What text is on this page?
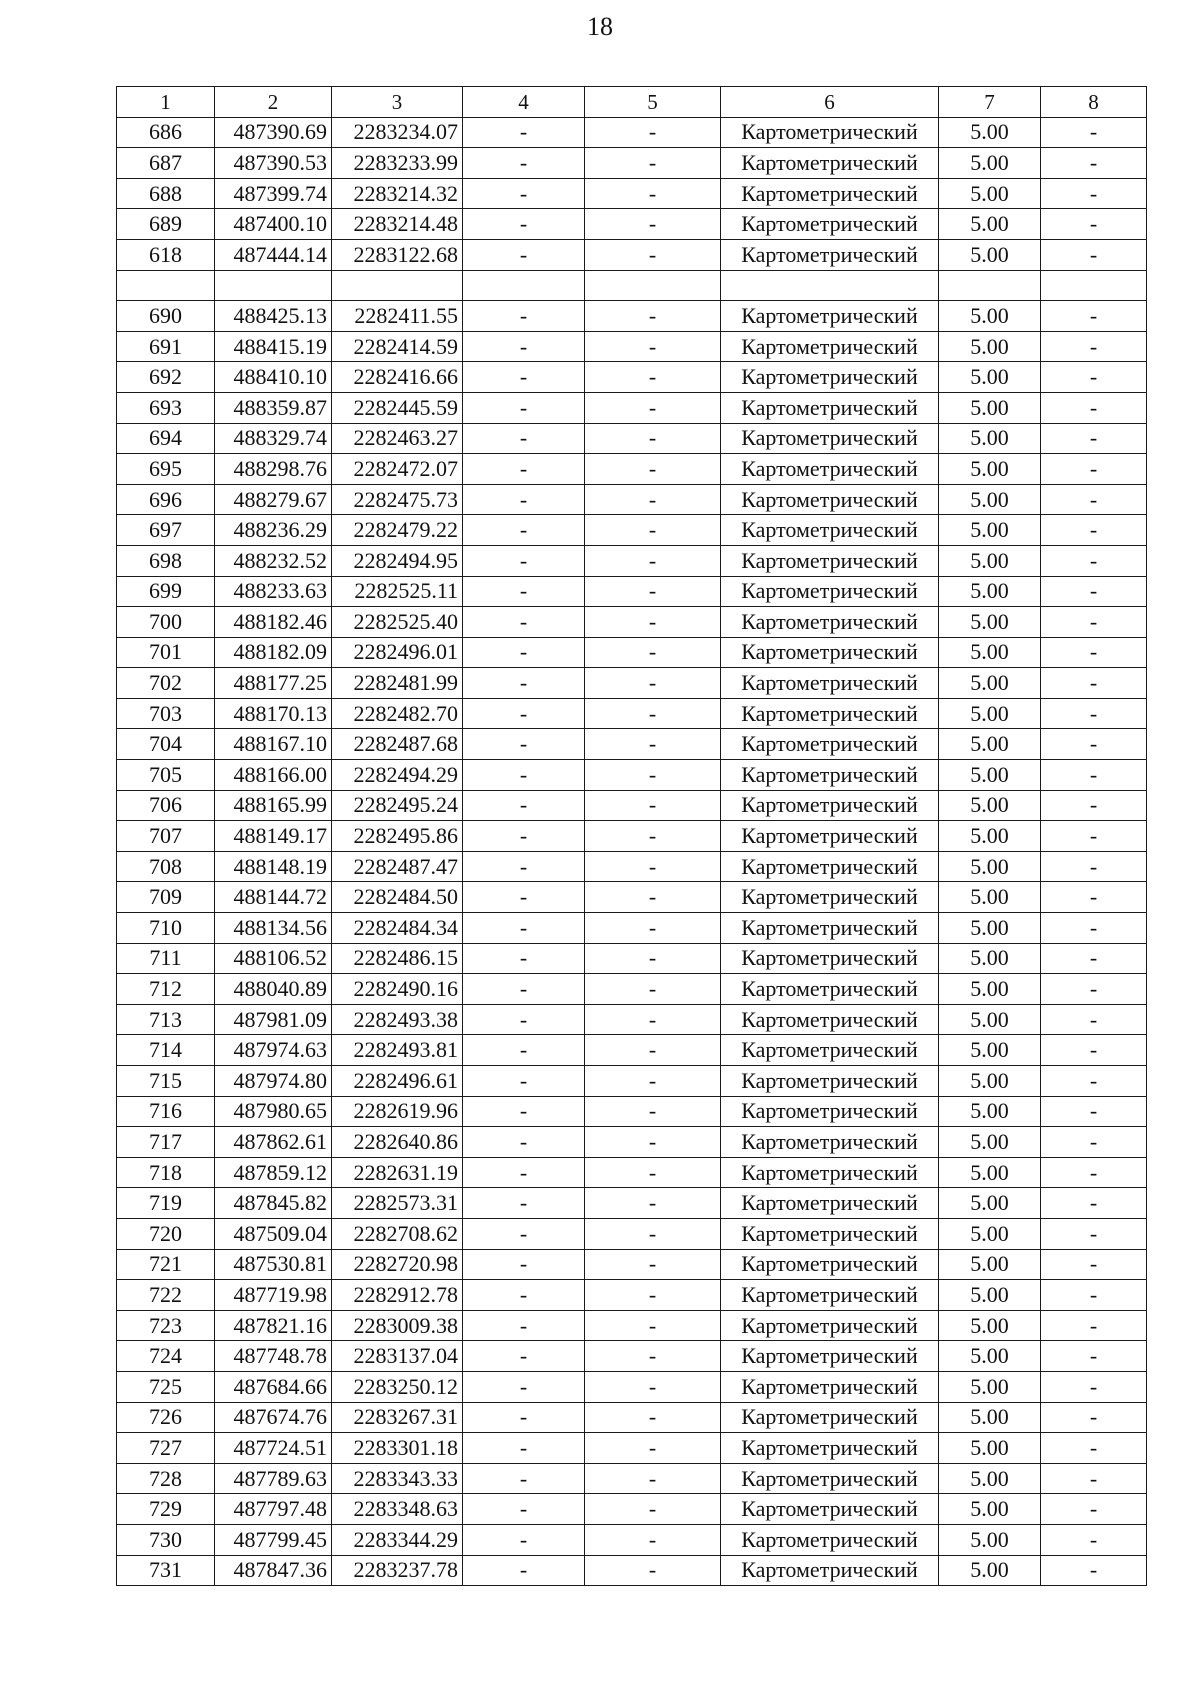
18
1	2	3	4	5	6	7	8
686	487390.69	2283234.07	-	-	Картометрический	5.00	-
687	487390.53	2283233.99	-	-	Картометрический	5.00	-
688	487399.74	2283214.32	-	-	Картометрический	5.00	-
689	487400.10	2283214.48	-	-	Картометрический	5.00	-
618	487444.14	2283122.68	-	-	Картометрический	5.00	-

690	488425.13	2282411.55	-	-	Картометрический	5.00	-
691	488415.19	2282414.59	-	-	Картометрический	5.00	-
692	488410.10	2282416.66	-	-	Картометрический	5.00	-
693	488359.87	2282445.59	-	-	Картометрический	5.00	-
694	488329.74	2282463.27	-	-	Картометрический	5.00	-
695	488298.76	2282472.07	-	-	Картометрический	5.00	-
696	488279.67	2282475.73	-	-	Картометрический	5.00	-
697	488236.29	2282479.22	-	-	Картометрический	5.00	-
698	488232.52	2282494.95	-	-	Картометрический	5.00	-
699	488233.63	2282525.11	-	-	Картометрический	5.00	-
700	488182.46	2282525.40	-	-	Картометрический	5.00	-
701	488182.09	2282496.01	-	-	Картометрический	5.00	-
702	488177.25	2282481.99	-	-	Картометрический	5.00	-
703	488170.13	2282482.70	-	-	Картометрический	5.00	-
704	488167.10	2282487.68	-	-	Картометрический	5.00	-
705	488166.00	2282494.29	-	-	Картометрический	5.00	-
706	488165.99	2282495.24	-	-	Картометрический	5.00	-
707	488149.17	2282495.86	-	-	Картометрический	5.00	-
708	488148.19	2282487.47	-	-	Картометрический	5.00	-
709	488144.72	2282484.50	-	-	Картометрический	5.00	-
710	488134.56	2282484.34	-	-	Картометрический	5.00	-
711	488106.52	2282486.15	-	-	Картометрический	5.00	-
712	488040.89	2282490.16	-	-	Картометрический	5.00	-
713	487981.09	2282493.38	-	-	Картометрический	5.00	-
714	487974.63	2282493.81	-	-	Картометрический	5.00	-
715	487974.80	2282496.61	-	-	Картометрический	5.00	-
716	487980.65	2282619.96	-	-	Картометрический	5.00	-
717	487862.61	2282640.86	-	-	Картометрический	5.00	-
718	487859.12	2282631.19	-	-	Картометрический	5.00	-
719	487845.82	2282573.31	-	-	Картометрический	5.00	-
720	487509.04	2282708.62	-	-	Картометрический	5.00	-
721	487530.81	2282720.98	-	-	Картометрический	5.00	-
722	487719.98	2282912.78	-	-	Картометрический	5.00	-
723	487821.16	2283009.38	-	-	Картометрический	5.00	-
724	487748.78	2283137.04	-	-	Картометрический	5.00	-
725	487684.66	2283250.12	-	-	Картометрический	5.00	-
726	487674.76	2283267.31	-	-	Картометрический	5.00	-
727	487724.51	2283301.18	-	-	Картометрический	5.00	-
728	487789.63	2283343.33	-	-	Картометрический	5.00	-
729	487797.48	2283348.63	-	-	Картометрический	5.00	-
730	487799.45	2283344.29	-	-	Картометрический	5.00	-
731	487847.36	2283237.78	-	-	Картометрический	5.00	-
